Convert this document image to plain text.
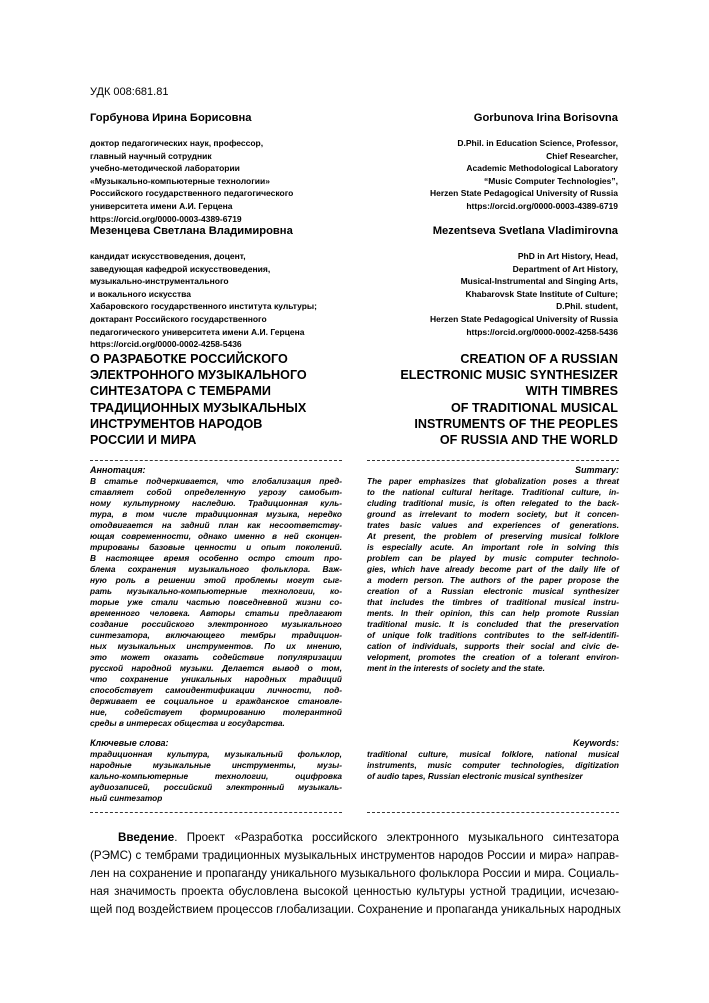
УДК 008:681.81
Горбунова Ирина Борисовна	Gorbunova Irina Borisovna
доктор педагогических наук, профессор,
главный научный сотрудник
учебно-методической лаборатории
«Музыкально-компьютерные технологии»
Российского государственного педагогического
университета имени А.И. Герцена
https://orcid.org/0000-0003-4389-6719
D.Phil. in Education Science, Professor,
Chief Researcher,
Academic Methodological Laboratory
“Music Computer Technologies”,
Herzen State Pedagogical University of Russia
https://orcid.org/0000-0003-4389-6719
Мезенцева Светлана Владимировна	Mezentseva Svetlana Vladimirovna
кандидат искусствоведения, доцент,
заведующая кафедрой искусствоведения,
музыкально-инструментального
и вокального искусства
Хабаровского государственного института культуры;
доктарант Российского государственного
педагогического университета имени А.И. Герцена
https://orcid.org/0000-0002-4258-5436
PhD in Art History, Head,
Department of Art History,
Musical-Instrumental and Singing Arts,
Khabarovsk State Institute of Culture;
D.Phil. student,
Herzen State Pedagogical University of Russia
https://orcid.org/0000-0002-4258-5436
О РАЗРАБОТКЕ РОССИЙСКОГО
ЭЛЕКТРОННОГО МУЗЫКАЛЬНОГО
СИНТЕЗАТОРА С ТЕМБРАМИ
ТРАДИЦИОННЫХ МУЗЫКАЛЬНЫХ
ИНСТРУМЕНТОВ НАРОДОВ
РОССИИ И МИРА
CREATION OF A RUSSIAN
ELECTRONIC MUSIC SYNTHESIZER
WITH TIMBRES
OF TRADITIONAL MUSICAL
INSTRUMENTS OF THE PEOPLES
OF RUSSIA AND THE WORLD
Аннотация:
В статье подчеркивается, что глобализация пред-
ставляет собой определенную угрозу самобыт-
ному культурному наследию. Традиционная куль-
тура, в том числе традиционная музыка, нередко
отодвигается на задний план как несоответству-
ющая современности, однако именно в ней сконцен-
трированы базовые ценности и опыт поколений.
В настоящее время особенно остро стоит про-
блема сохранения музыкального фольклора. Важ-
ную роль в решении этой проблемы могут сыг-
рать музыкально-компьютерные технологии, ко-
торые уже стали частью повседневной жизни со-
временного человека. Авторы статьи предлагают
создание российского электронного музыкального
синтезатора, включающего тембры традицион-
ных музыкальных инструментов. По их мнению,
это может оказать содействие популяризации
русской народной музыки. Делается вывод о том,
что сохранение уникальных народных традиций
способствует самоидентификации личности, под-
держивает ее социальное и гражданское становле-
ние, содействует формированию толерантной
среды в интересах общества и государства.
Summary:
The paper emphasizes that globalization poses a threat
to the national cultural heritage. Traditional culture, in-
cluding traditional music, is often relegated to the back-
ground as irrelevant to modern society, but it concen-
trates basic values and experiences of generations.
At present, the problem of preserving musical folklore
is especially acute. An important role in solving this
problem can be played by music computer technolo-
gies, which have already become part of the daily life of
a modern person. The authors of the paper propose the
creation of a Russian electronic musical synthesizer
that includes the timbres of traditional musical instru-
ments. In their opinion, this can help promote Russian
traditional music. It is concluded that the preservation
of unique folk traditions contributes to the self-identifi-
cation of individuals, supports their social and civic de-
velopment, promotes the creation of a tolerant environ-
ment in the interests of society and the state.
Ключевые слова:
традиционная культура, музыкальный фольклор,
народные музыкальные инструменты, музы-
кально-компьютерные технологии, оцифровка
аудиозаписей, российский электронный музыкаль-
ный синтезатор
Keywords:
traditional culture, musical folklore, national musical
instruments, music computer technologies, digitization
of audio tapes, Russian electronic musical synthesizer
Введение. Проект «Разработка российского электронного музыкального синтезатора
(РЭМС) с тембрами традиционных музыкальных инструментов народов России и мира» направ-
лен на сохранение и пропаганду уникального музыкального фольклора России и мира. Социаль-
ная значимость проекта обусловлена высокой ценностью культуры устной традиции, исчезаю-
щей под воздействием процессов глобализации. Сохранение и пропаганда уникальных народных
